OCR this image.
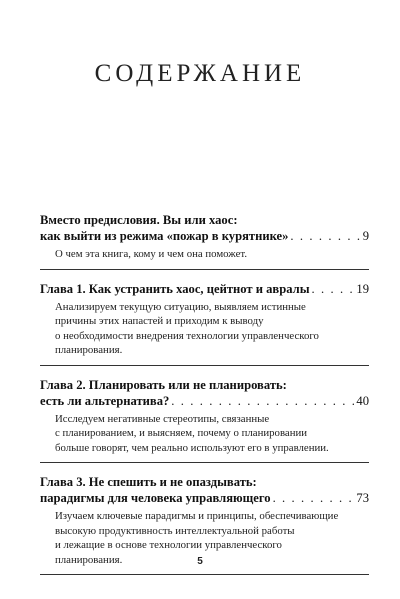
СОДЕРЖАНИЕ
Вместо предисловия. Вы или хаос:
как выйти из режима «пожар в курятнике» . . .	9
О чем эта книга, кому и чем она поможет.
Глава 1. Как устранить хаос, цейтнот и авралы . . .	19
Анализируем текущую ситуацию, выявляем истинные
причины этих напастей и приходим к выводу
о необходимости внедрения технологии управленческого
планирования.
Глава 2. Планировать или не планировать:
есть ли альтернатива? . . .	40
Исследуем негативные стереотипы, связанные
с планированием, и выясняем, почему о планировании
больше говорят, чем реально используют его в управлении.
Глава 3. Не спешить и не опаздывать:
парадигмы для человека управляющего . . .	73
Изучаем ключевые парадигмы и принципы, обеспечивающие
высокую продуктивность интеллектуальной работы
и лежащие в основе технологии управленческого
планирования.	5
